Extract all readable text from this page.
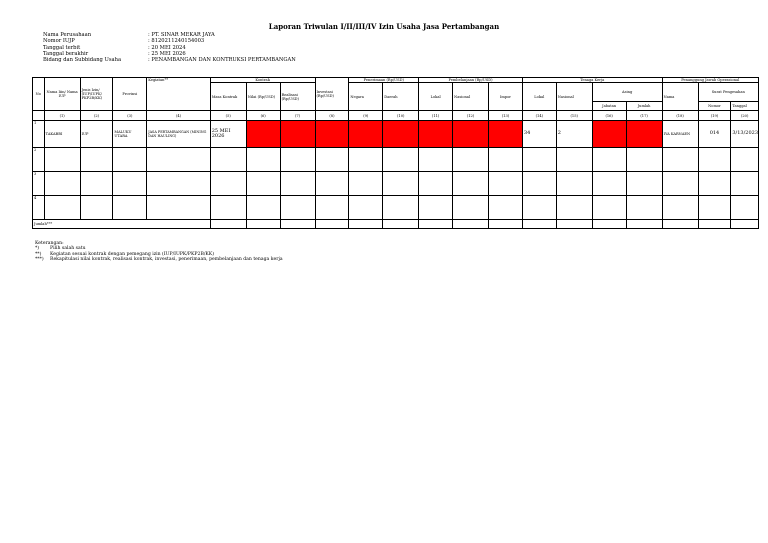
Laporan Triwulan I/II/III/IV Izin Usaha Jasa Pertambangan
Nama Perusahaan	: PT. SINAR MEKAR JAYA
Nomor IUJP	: 8120211240154003
Tanggal terbit	: 20 MEI 2024
Tanggal berakhir	: 25 MEI 2026
Bidang dan Subbidang Usaha	: PENAMBANGAN DAN KONTRUKSI PERTAMBANGAN
No	Nama Iiin/ Nama IUP	Jenis Izin/ (IUP/IUPK/ PKP2B/KK)	Provinsi	Kegiatan**	Kontrak			Investasi (Rp/USD)	Penerimaan (Rp/USD)		Pembelanjaan (Rp/USD)			Tenaga Kerja				Penanggung Jawab Operasional		
					Masa Kontrak	Nilai (Rp/USD)	Realisasi (Rp/USD)		Negara	Daerah	Lokal	Nasional	Impor	Lokal	Nasional	Asing		Nama	Surat Pengesahan	
																Jabatan	Jumlah		Nomor	Tanggal
	(1)	(2)	(3)	(4)	(5)	(6)	(7)	(8)	(9)	(10)	(11)	(12)	(13)	(14)	(15)	(16)	(17)	(18)	(19)	(20)
1	TAKABBI	IUP	MALUKU UTARA	JASA PERTAMBANGAN (MINING DAN HAULING)	25 MEI 2026									34	2			IYA KARNAEN	014	3/13/2023
2																				
3																				
4																				
Jumlah***																				
Keterangan:
*)	Pilih salah satu
**)	Kegiatan sesuai kontrak dengan pemegang izin (IUP/IUPK/PKP2B/KK)
***)	Rekapitulasi nilai kontrak, realisasi kontrak, investasi, penerimaan, pembelanjaan dan tenaga kerja
